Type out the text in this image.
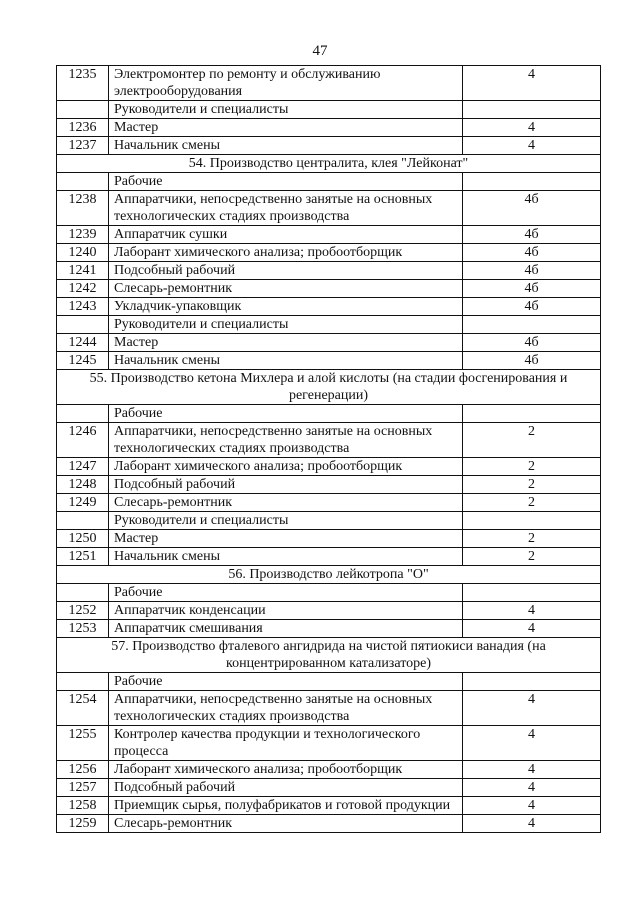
47
1235	Электромонтер по ремонту и обслуживанию электрооборудования	4
	Руководители и специалисты	
1236	Мастер	4
1237	Начальник смены	4
54. Производство централита, клея "Лейконат"		
	Рабочие	
1238	Аппаратчики, непосредственно занятые на основных технологических стадиях производства	4б
1239	Аппаратчик сушки	4б
1240	Лаборант химического анализа; пробоотборщик	4б
1241	Подсобный рабочий	4б
1242	Слесарь-ремонтник	4б
1243	Укладчик-упаковщик	4б
	Руководители и специалисты	
1244	Мастер	4б
1245	Начальник смены	4б
55. Производство кетона Михлера и алой кислоты (на стадии фосгенирования и регенерации)		
	Рабочие	
1246	Аппаратчики, непосредственно занятые на основных технологических стадиях производства	2
1247	Лаборант химического анализа; пробоотборщик	2
1248	Подсобный рабочий	2
1249	Слесарь-ремонтник	2
	Руководители и специалисты	
1250	Мастер	2
1251	Начальник смены	2
56. Производство лейкотропа "О"		
	Рабочие	
1252	Аппаратчик конденсации	4
1253	Аппаратчик смешивания	4
57. Производство фталевого ангидрида на чистой пятиокиси ванадия (на концентрированном катализаторе)		
	Рабочие	
1254	Аппаратчики, непосредственно занятые на основных технологических стадиях производства	4
1255	Контролер качества продукции и технологического процесса	4
1256	Лаборант химического анализа; пробоотборщик	4
1257	Подсобный рабочий	4
1258	Приемщик сырья, полуфабрикатов и готовой продукции	4
1259	Слесарь-ремонтник	4
